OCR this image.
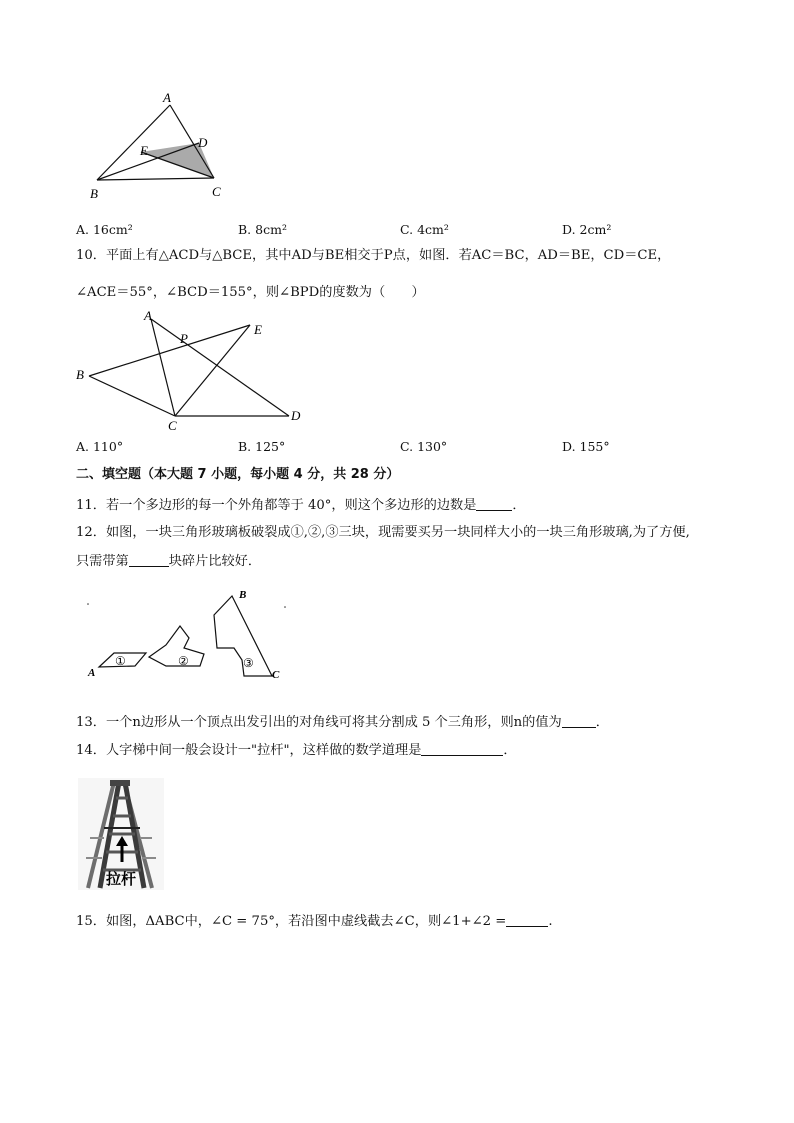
A
D
E
B	C
A. 16cm²	B. 8cm²	C. 4cm²	D. 2cm²
10．平面上有△ACD与△BCE，其中AD与BE相交于P点，如图．若AC＝BC，AD＝BE，CD＝CE，
∠ACE＝55°，∠BCD＝155°，则∠BPD的度数为（　　）
A
P
E
B
C
D
A. 110°	B. 125°	C. 130°	D. 155°
二、填空题（本大题 7 小题，每小题 4 分，共 28 分）
11．若一个多边形的每一个外角都等于 40°，则这个多边形的边数是	．
12．如图，一块三角形玻璃板破裂成①,②,③三块，现需要买另一块同样大小的一块三角形玻璃,为了方便,
只需带第	块碎片比较好．
①	②	③
A
B
C
13．一个n边形从一个顶点出发引出的对角线可将其分割成 5 个三角形，则n的值为	．
14．人字梯中间一般会设计一"拉杆"，这样做的数学道理是	．
拉杆
15．如图，ΔABC中，∠C = 75°，若沿图中虚线截去∠C，则∠1+∠2 =	.
